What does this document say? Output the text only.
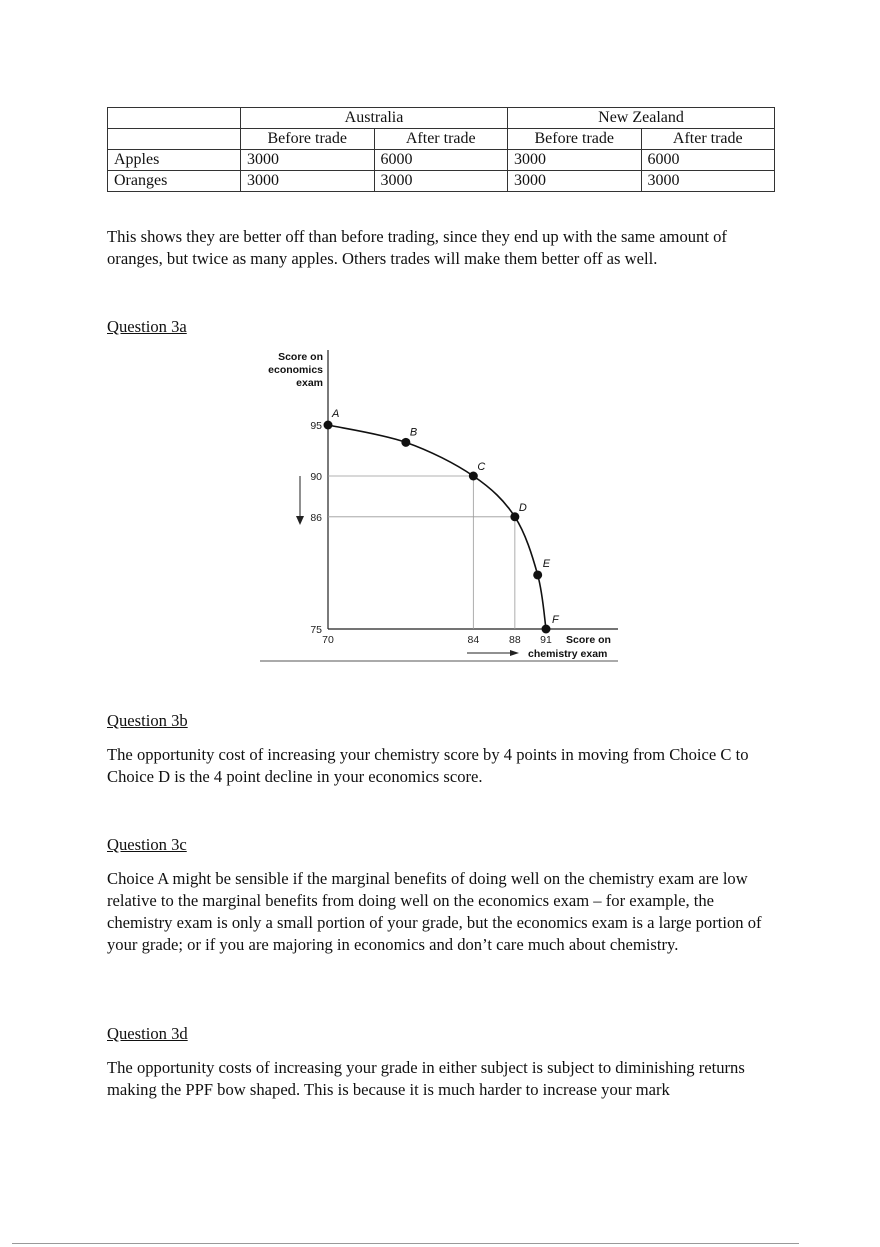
	Australia		New Zealand	
	Before trade	After trade	Before trade	After trade
Apples	3000	6000	3000	6000
Oranges	3000	3000	3000	3000

This shows they are better off than before trading, since they end up with the same amount of oranges, but twice as many apples. Others trades will make them better off as well.

Question 3a

A
B
C
D
E
F
95
90
86
75
70	84	88 91
Score on
economics
exam
Score on
chemistry exam

Question 3b

The opportunity cost of increasing your chemistry score by 4 points in moving from Choice C to Choice D is the 4 point decline in your economics score.

Question 3c

Choice A might be sensible if the marginal benefits of doing well on the chemistry exam are low relative to the marginal benefits from doing well on the economics exam – for example, the chemistry exam is only a small portion of your grade, but the economics exam is a large portion of your grade; or if you are majoring in economics and don’t care much about chemistry.

Question 3d

The opportunity costs of increasing your grade in either subject is subject to diminishing returns making the PPF bow shaped. This is because it is much harder to increase your mark
